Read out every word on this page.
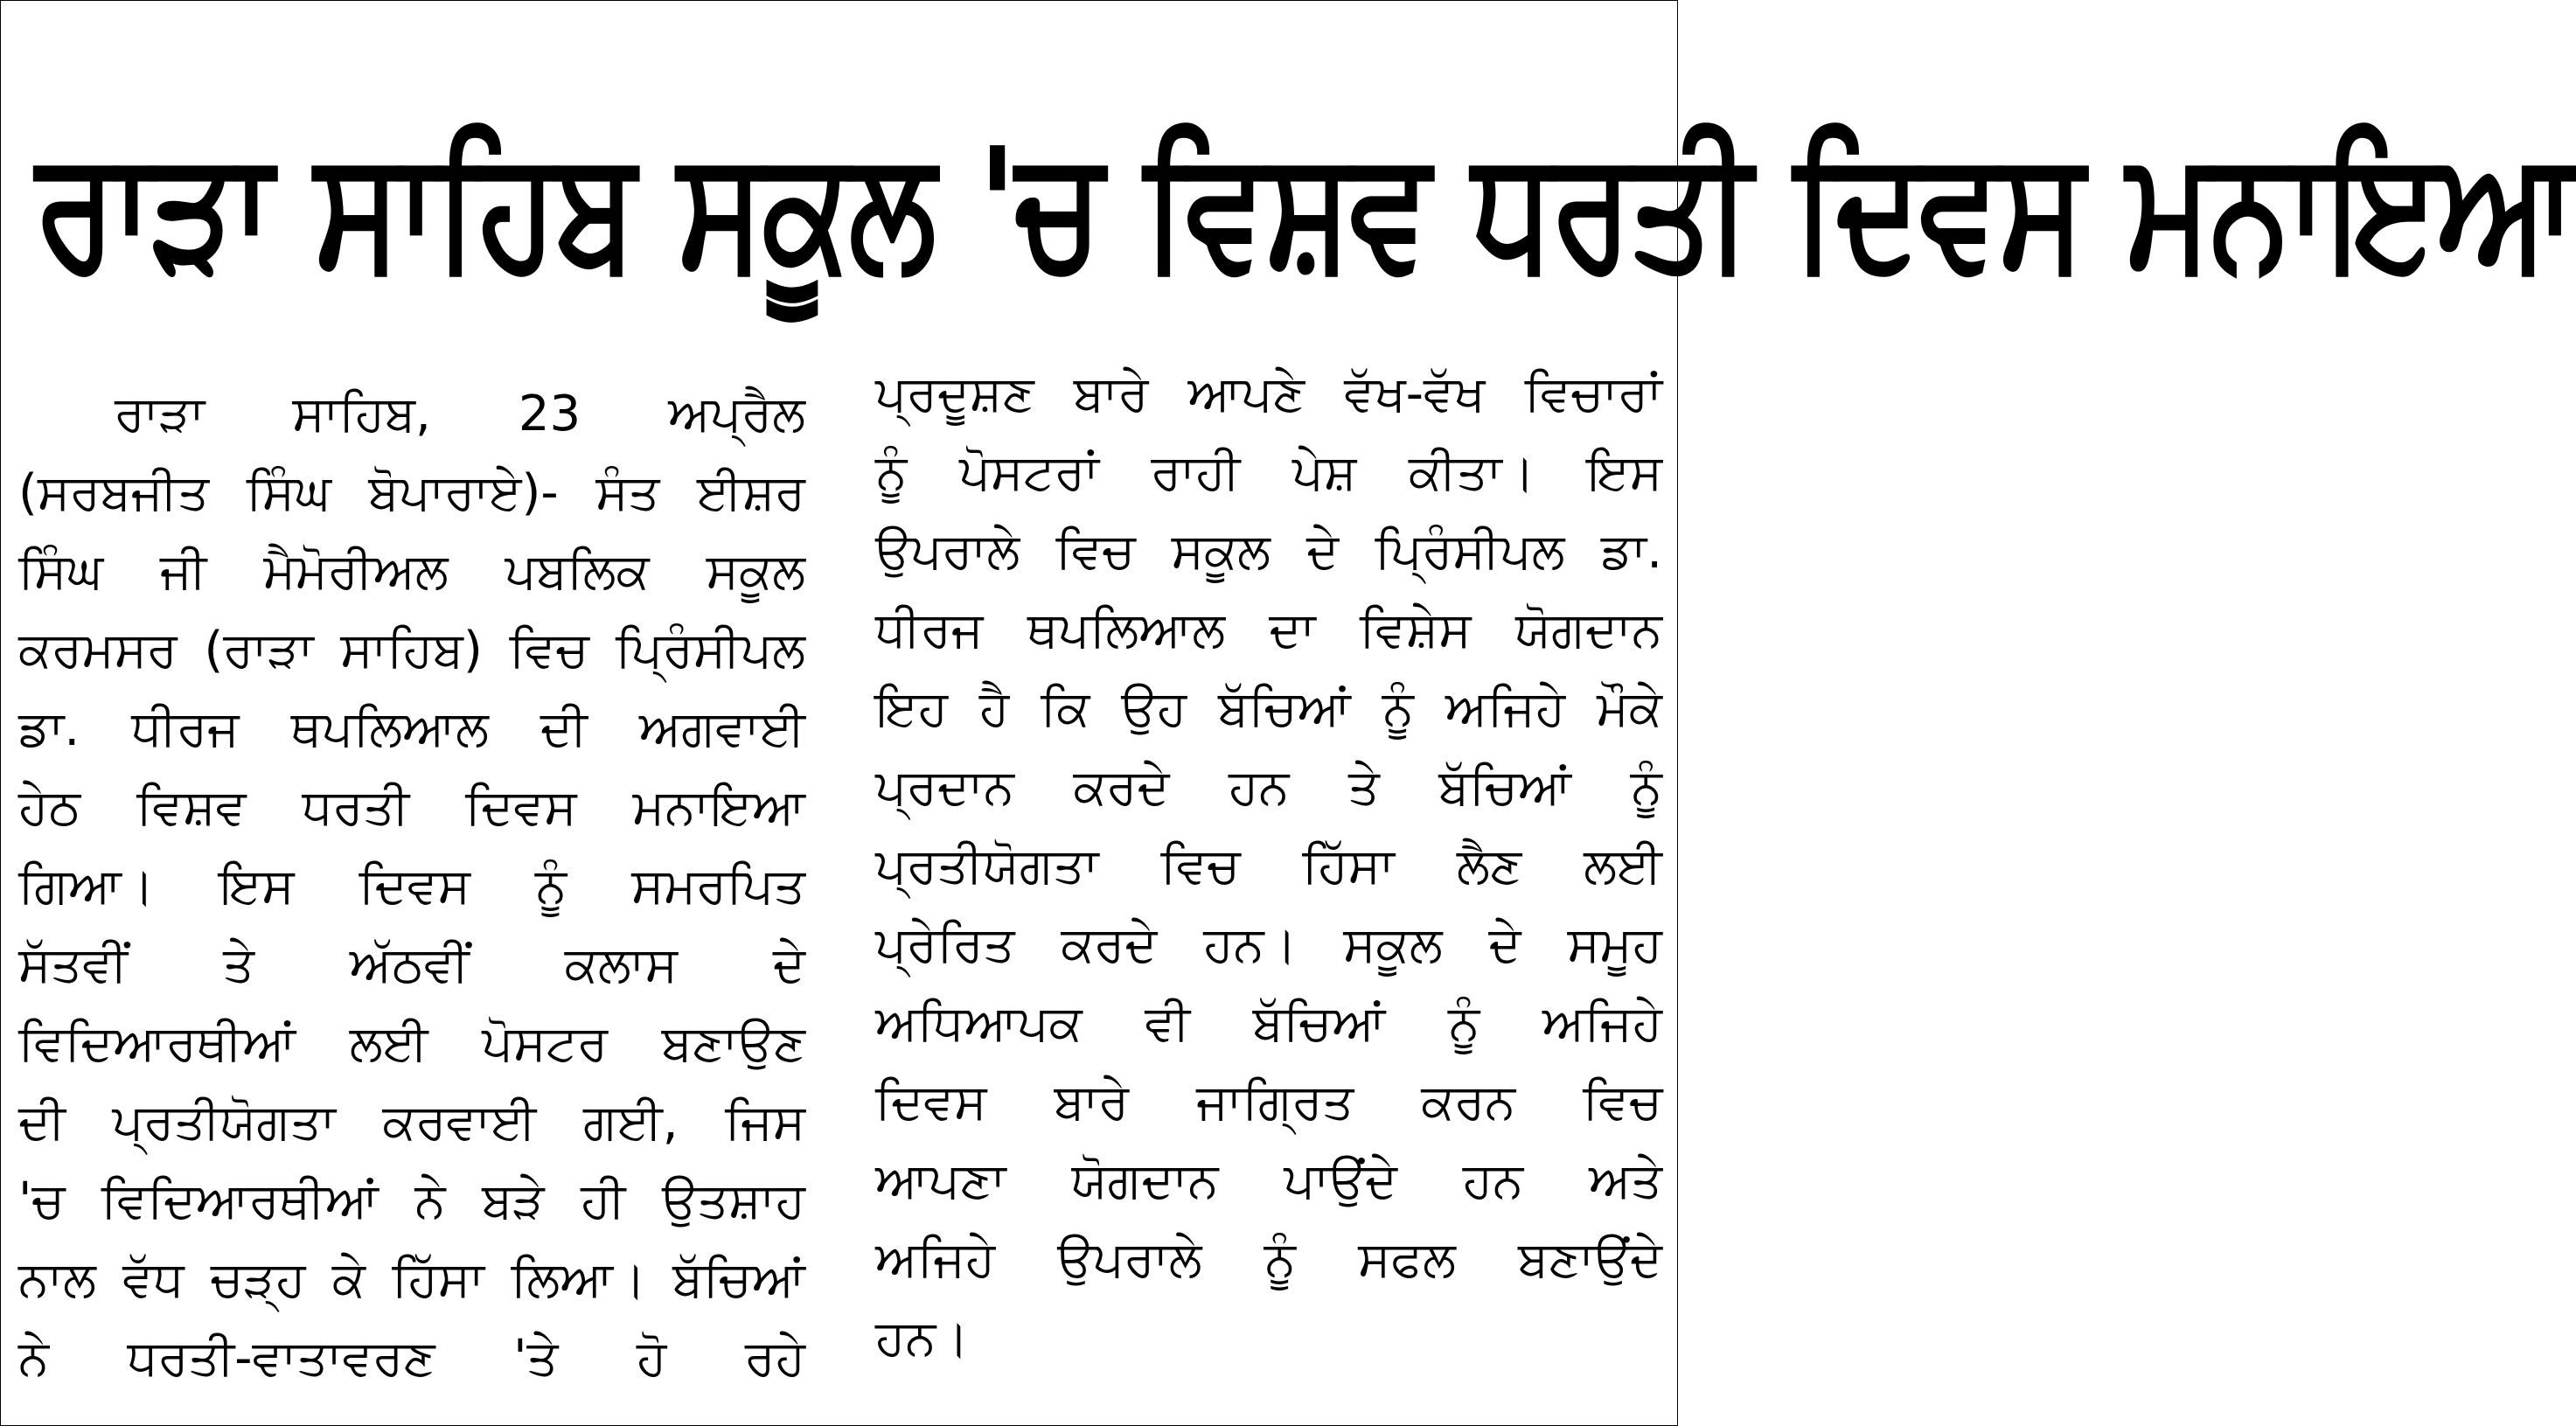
ਰਾੜਾ ਸਾਹਿਬ ਸਕੂਲ 'ਚ ਵਿਸ਼ਵ ਧਰਤੀ ਦਿਵਸ ਮਨਾਇਆ
ਰਾੜਾ ਸਾਹਿਬ, 23 ਅਪ੍ਰੈਲ
(ਸਰਬਜੀਤ ਸਿੰਘ ਬੋਪਾਰਾਏ)- ਸੰਤ ਈਸ਼ਰ
ਸਿੰਘ ਜੀ ਮੈਮੋਰੀਅਲ ਪਬਲਿਕ ਸਕੂਲ
ਕਰਮਸਰ (ਰਾੜਾ ਸਾਹਿਬ) ਵਿਚ ਪ੍ਰਿੰਸੀਪਲ
ਡਾ. ਧੀਰਜ ਥਪਲਿਆਲ ਦੀ ਅਗਵਾਈ
ਹੇਠ ਵਿਸ਼ਵ ਧਰਤੀ ਦਿਵਸ ਮਨਾਇਆ
ਗਿਆ। ਇਸ ਦਿਵਸ ਨੂੰ ਸਮਰਪਿਤ
ਸੱਤਵੀਂ ਤੇ ਅੱਠਵੀਂ ਕਲਾਸ ਦੇ
ਵਿਦਿਆਰਥੀਆਂ ਲਈ ਪੋਸਟਰ ਬਣਾਉਣ
ਦੀ ਪ੍ਰਤੀਯੋਗਤਾ ਕਰਵਾਈ ਗਈ, ਜਿਸ
'ਚ ਵਿਦਿਆਰਥੀਆਂ ਨੇ ਬੜੇ ਹੀ ਉਤਸ਼ਾਹ
ਨਾਲ ਵੱਧ ਚੜ੍ਹ ਕੇ ਹਿੱਸਾ ਲਿਆ। ਬੱਚਿਆਂ
ਨੇ ਧਰਤੀ-ਵਾਤਾਵਰਣ 'ਤੇ ਹੋ ਰਹੇ
ਪ੍ਰਦੂਸ਼ਣ ਬਾਰੇ ਆਪਣੇ ਵੱਖ-ਵੱਖ ਵਿਚਾਰਾਂ
ਨੂੰ ਪੋਸਟਰਾਂ ਰਾਹੀ ਪੇਸ਼ ਕੀਤਾ। ਇਸ
ਉਪਰਾਲੇ ਵਿਚ ਸਕੂਲ ਦੇ ਪ੍ਰਿੰਸੀਪਲ ਡਾ.
ਧੀਰਜ ਥਪਲਿਆਲ ਦਾ ਵਿਸ਼ੇਸ ਯੋਗਦਾਨ
ਇਹ ਹੈ ਕਿ ਉਹ ਬੱਚਿਆਂ ਨੂੰ ਅਜਿਹੇ ਮੌਕੇ
ਪ੍ਰਦਾਨ ਕਰਦੇ ਹਨ ਤੇ ਬੱਚਿਆਂ ਨੂੰ
ਪ੍ਰਤੀਯੋਗਤਾ ਵਿਚ ਹਿੱਸਾ ਲੈਣ ਲਈ
ਪ੍ਰੇਰਿਤ ਕਰਦੇ ਹਨ। ਸਕੂਲ ਦੇ ਸਮੂਹ
ਅਧਿਆਪਕ ਵੀ ਬੱਚਿਆਂ ਨੂੰ ਅਜਿਹੇ
ਦਿਵਸ ਬਾਰੇ ਜਾਗ੍ਰਿਤ ਕਰਨ ਵਿਚ
ਆਪਣਾ ਯੋਗਦਾਨ ਪਾਉਂਦੇ ਹਨ ਅਤੇ
ਅਜਿਹੇ ਉਪਰਾਲੇ ਨੂੰ ਸਫਲ ਬਣਾਉਂਦੇ
ਹਨ।
